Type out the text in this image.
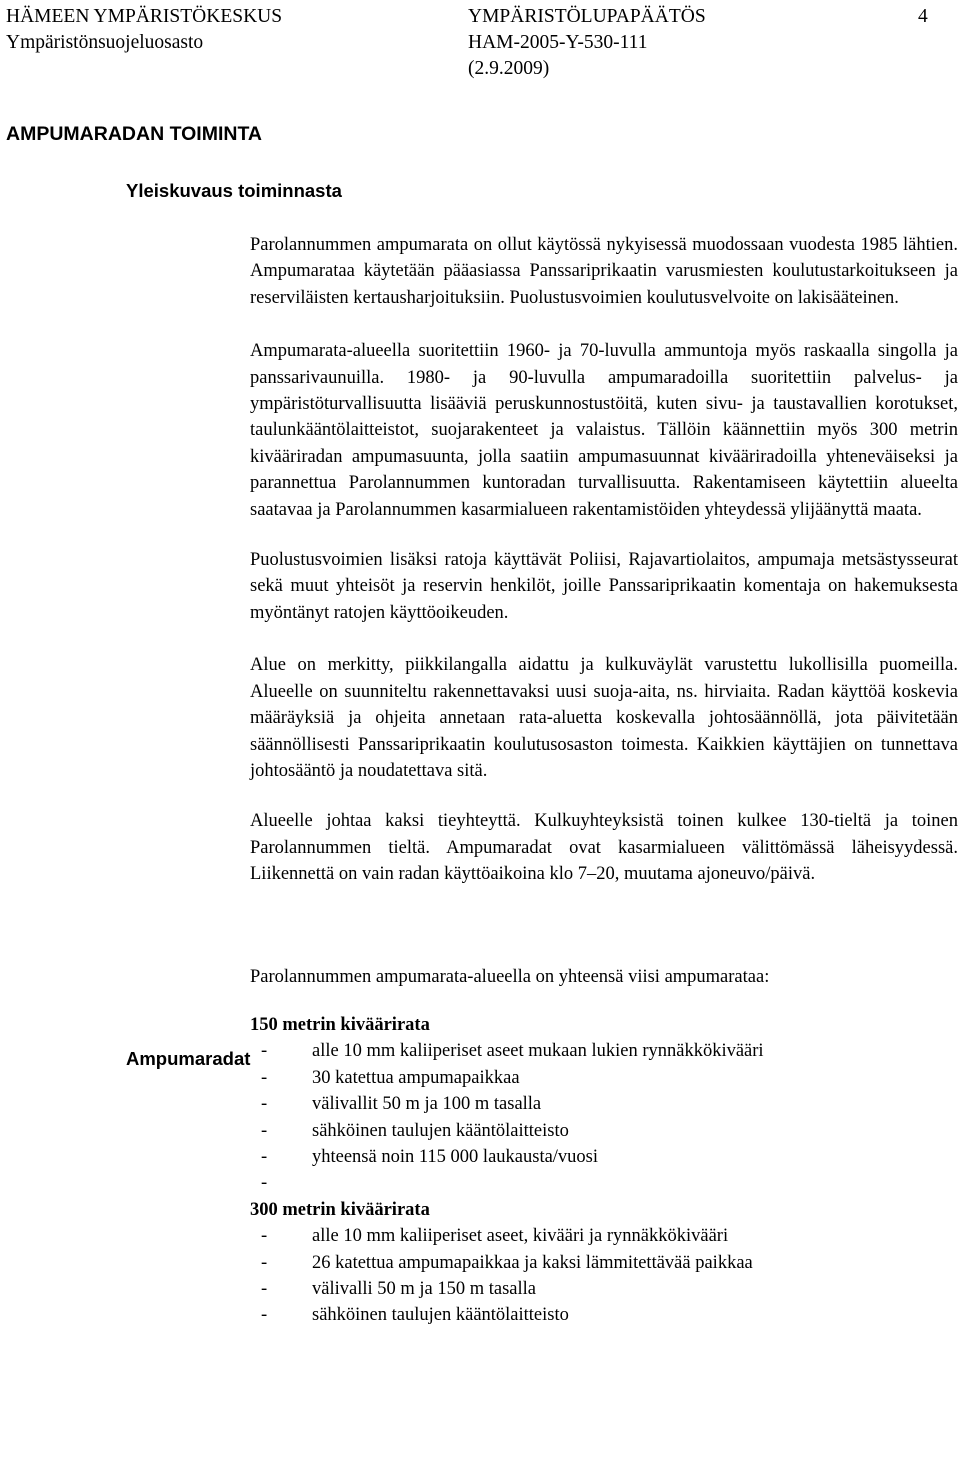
HÄMEEN YMPÄRISTÖKESKUS
Ympäristönsuojeluosasto
YMPÄRISTÖLUPAPÄÄTÖS
HAM-2005-Y-530-111
(2.9.2009)
4
AMPUMARADAN TOIMINTA
Yleiskuvaus toiminnasta
Ampumaradat

Parolannummen ampumarata on ollut käytössä nykyisessä muodossaan vuodesta 1985 lähtien. Ampumarataa käytetään pääasiassa Panssariprikaatin varusmiesten koulutustarkoitukseen ja reserviläisten kertausharjoituksiin. Puolustusvoimien koulutusvelvoite on lakisääteinen.

Ampumarata-alueella suoritettiin 1960- ja 70-luvulla ammuntoja myös raskaalla singolla ja panssarivaunuilla. 1980- ja 90-luvulla ampumaradoilla suoritettiin palvelus- ja ympäristöturvallisuutta lisääviä peruskunnostustöitä, kuten sivu- ja taustavallien korotukset, taulunkääntölaitteistot, suojarakenteet ja valaistus. Tällöin käännettiin myös 300 metrin kivääriradan ampumasuunta, jolla saatiin ampumasuunnat kivääriradoilla yhteneväiseksi ja parannettua Parolannummen kuntoradan turvallisuutta. Rakentamiseen käytettiin alueelta saatavaa ja Parolannummen kasarmialueen rakentamistöiden yhteydessä ylijäänyttä maata.

Puolustusvoimien lisäksi ratoja käyttävät Poliisi, Rajavartiolaitos, ampumaja metsästysseurat sekä muut yhteisöt ja reservin henkilöt, joille Panssariprikaatin komentaja on hakemuksesta myöntänyt ratojen käyttöoikeuden.

Alue on merkitty, piikkilangalla aidattu ja kulkuväylät varustettu lukollisilla puomeilla. Alueelle on suunniteltu rakennettavaksi uusi suoja-aita, ns. hirviaita. Radan käyttöä koskevia määräyksiä ja ohjeita annetaan rata-aluetta koskevalla johtosäännöllä, jota päivitetään säännöllisesti Panssariprikaatin koulutusosaston toimesta. Kaikkien käyttäjien on tunnettava johtosääntö ja noudatettava sitä.

Alueelle johtaa kaksi tieyhteyttä. Kulkuyhteyksistä toinen kulkee 130-tieltä ja toinen Parolannummen tieltä. Ampumaradat ovat kasarmialueen välittömässä läheisyydessä. Liikennettä on vain radan käyttöaikoina klo 7–20, muutama ajoneuvo/päivä.

Parolannummen ampumarata-alueella on yhteensä viisi ampumarataa:

150 metrin kiväärirata
- alle 10 mm kaliiperiset aseet mukaan lukien rynnäkkökivääri
- 30 katettua ampumapaikkaa
- välivallit 50 m ja 100 m tasalla
- sähköinen taulujen kääntölaitteisto
- yhteensä noin 115 000 laukausta/vuosi
-
300 metrin kiväärirata
- alle 10 mm kaliiperiset aseet, kivääri ja rynnäkkökivääri
- 26 katettua ampumapaikkaa ja kaksi lämmitettävää paikkaa
- välivalli 50 m ja 150 m tasalla
- sähköinen taulujen kääntölaitteisto
